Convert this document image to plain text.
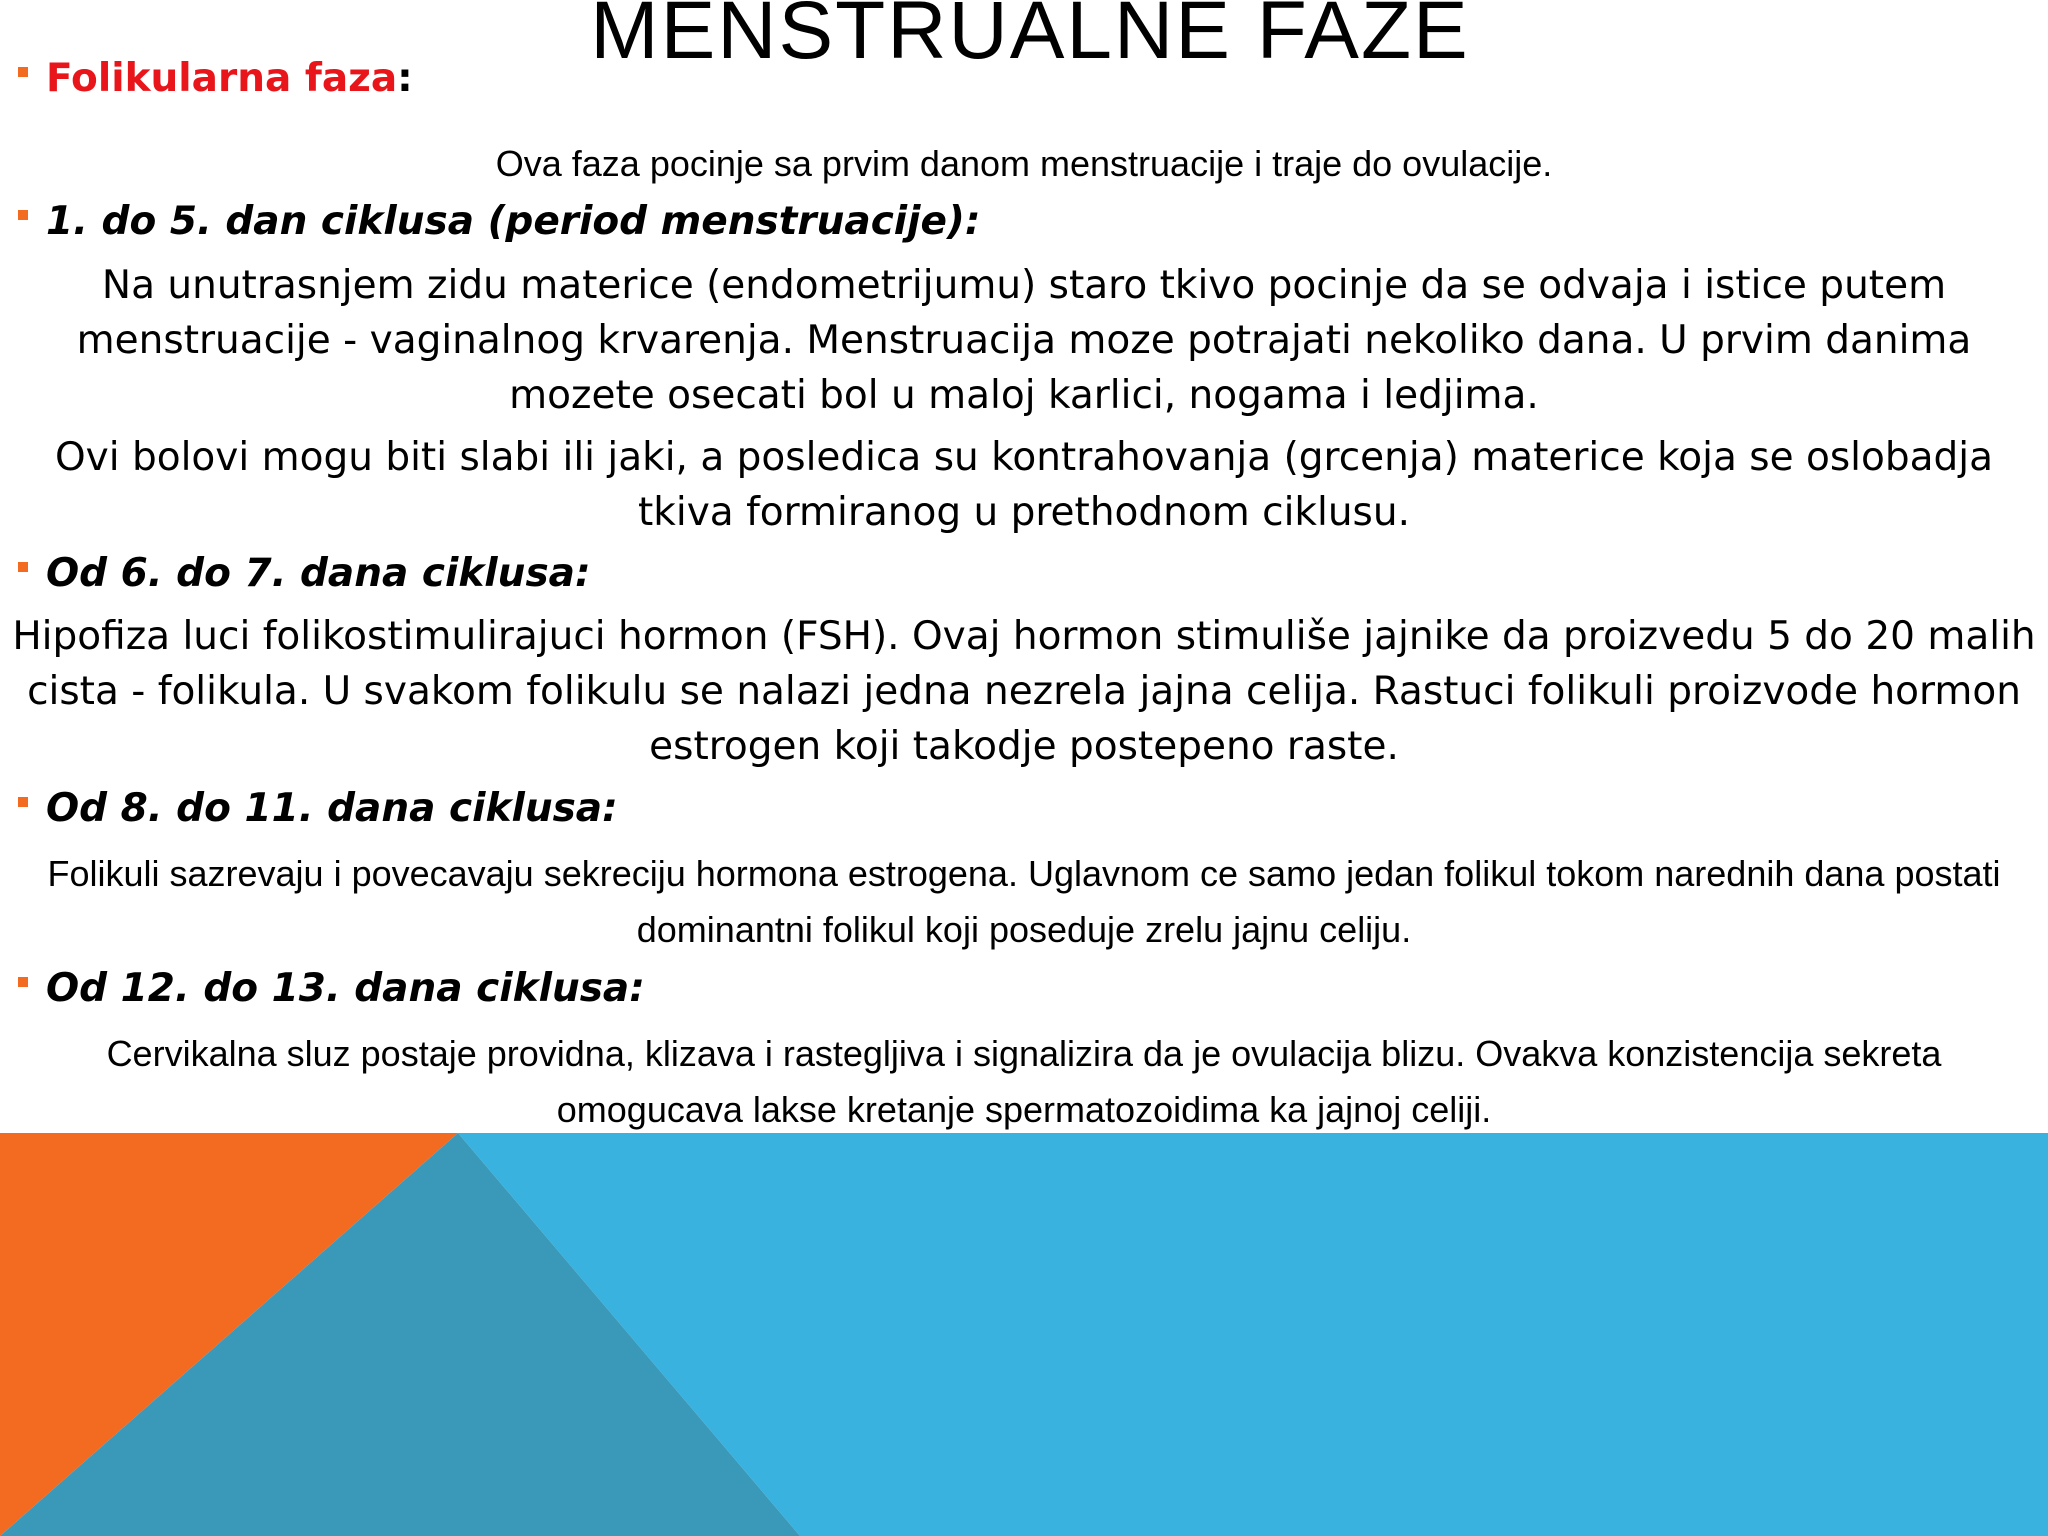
MENSTRUALNE FAZE
Folikularna faza :

Ova faza pocinje sa prvim danom menstruacije i traje do ovulacije.

1. do 5. dan ciklusa (period menstruacije):

Na unutrasnjem zidu materice (endometrijumu) staro tkivo pocinje da se odvaja i istice putem menstruacije - vaginalnog krvarenja. Menstruacija moze potrajati nekoliko dana. U prvim danima mozete osecati bol u maloj karlici, nogama i ledjima.

Ovi bolovi mogu biti slabi ili jaki, a posledica su kontrahovanja (grcenja) materice koja se oslobadja tkiva formiranog u prethodnom ciklusu.

Od 6. do 7. dana ciklusa:

Hipofiza luci folikostimulirajuci hormon (FSH). Ovaj hormon stimuliše jajnike da proizvedu 5 do 20 malih cista - folikula. U svakom folikulu se nalazi jedna nezrela jajna celija. Rastuci folikuli proizvode hormon estrogen koji takodje postepeno raste.

Od 8. do 11. dana ciklusa:

Folikuli sazrevaju i povecavaju sekreciju hormona estrogena. Uglavnom ce samo jedan folikul tokom narednih dana postati dominantni folikul koji poseduje zrelu jajnu celiju.

Od 12. do 13. dana ciklusa:

Cervikalna sluz postaje providna, klizava i rastegljiva i signalizira da je ovulacija blizu. Ovakva konzistencija sekreta omogucava lakse kretanje spermatozoidima ka jajnoj celiji.
